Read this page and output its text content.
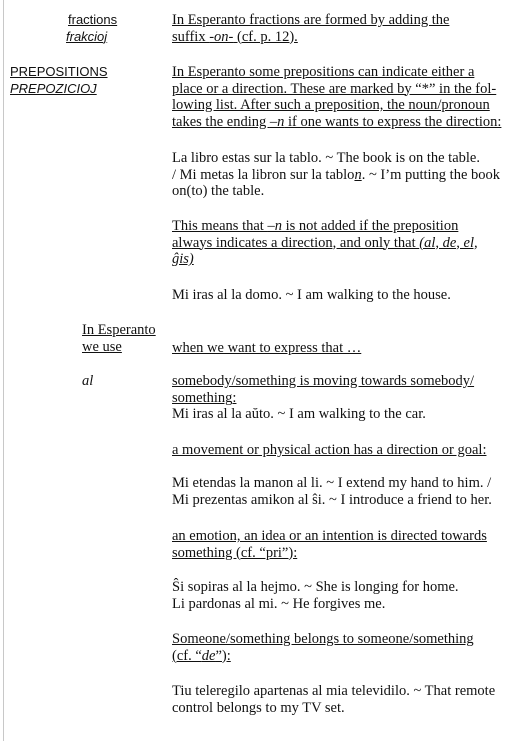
fractions
frakcioj
In Esperanto fractions are formed by adding the
suffix -on- (cf. p. 12).
PREPOSITIONS
PREPOZICIOJ
In Esperanto some prepositions can indicate either a
place or a direction. These are marked by “*” in the fol-
lowing list. After such a preposition, the noun/pronoun
takes the ending –n if one wants to express the direction:
La libro estas sur la tablo. ~ The book is on the table.
/ Mi metas la libron sur la tablon. ~ I’m putting the book
on(to) the table.
This means that –n is not added if the preposition
always indicates a direction, and only that (al, de, el,
ĝis)
Mi iras al la domo. ~ I am walking to the house.
In Esperanto
we use	when we want to express that …
al	somebody/something is moving towards somebody/
something:
Mi iras al la aŭto. ~ I am walking to the car.
a movement or physical action has a direction or goal:
Mi etendas la manon al li. ~ I extend my hand to him. /
Mi prezentas amikon al ŝi. ~ I introduce a friend to her.
an emotion, an idea or an intention is directed towards
something (cf. “pri”):
Ŝi sopiras al la hejmo. ~ She is longing for home.
Li pardonas al mi. ~ He forgives me.
Someone/something belongs to someone/something
(cf. “de”):
Tiu teleregilo apartenas al mia televidilo. ~ That remote
control belongs to my TV set.
